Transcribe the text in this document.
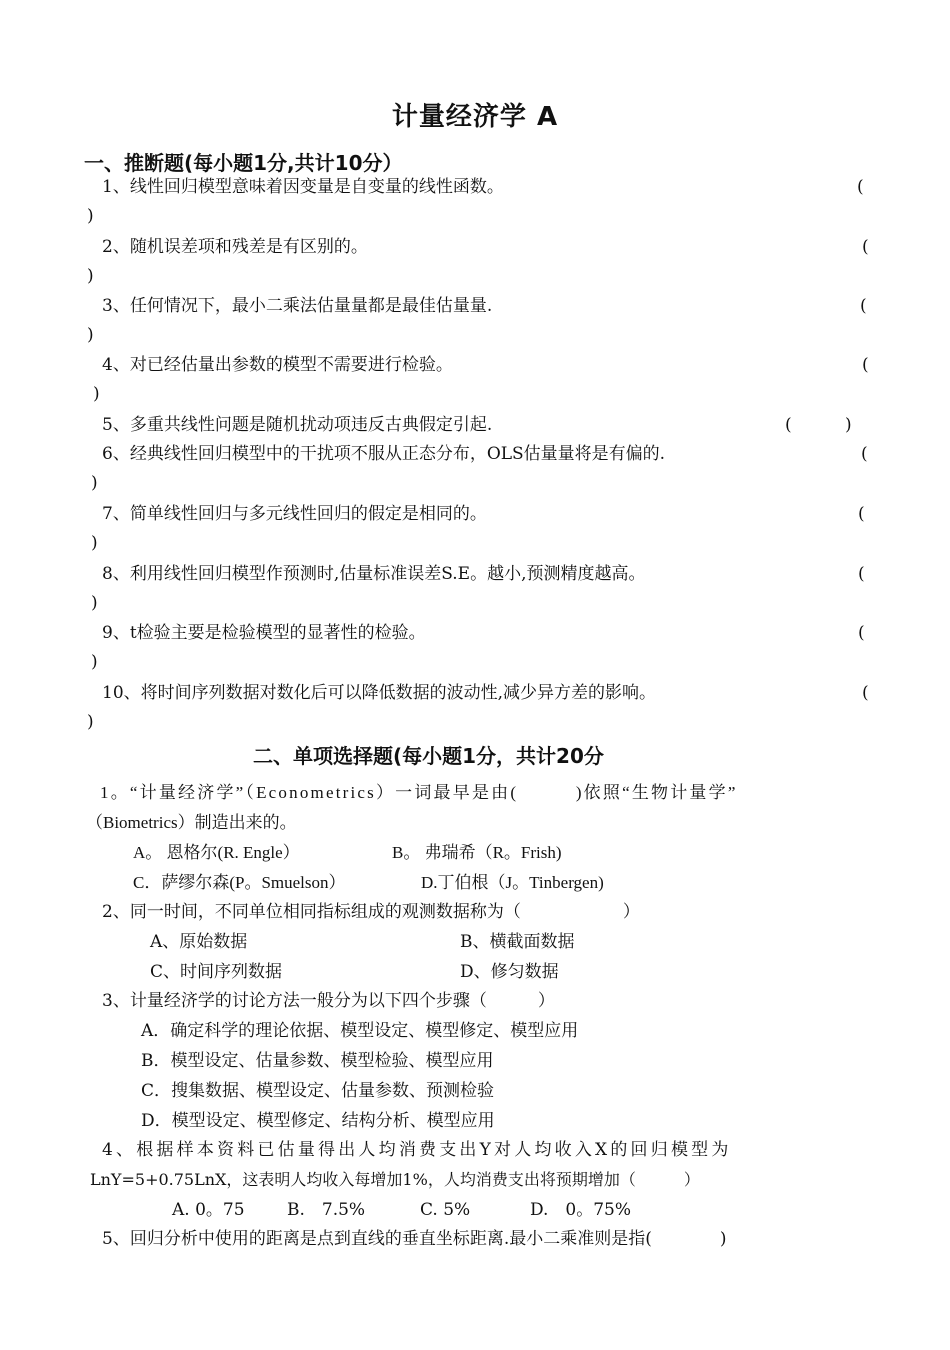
计量经济学 A
一、推断题(每小题1分,共计10分）
1、线性回归模型意味着因变量是自变量的线性函数。	(
)
2、随机误差项和残差是有区别的。	(
)
3、任何情况下，最小二乘法估量量都是最佳估量量.	(
)
4、对已经估量出参数的模型不需要进行检验。	(
)
5、多重共线性问题是随机扰动项违反古典假定引起.	(	)
6、经典线性回归模型中的干扰项不服从正态分布，OLS估量量将是有偏的.	(
)
7、简单线性回归与多元线性回归的假定是相同的。	(
)
8、利用线性回归模型作预测时,估量标准误差S.E。越小,预测精度越高。	(
)
9、t检验主要是检验模型的显著性的检验。	(
)
10、将时间序列数据对数化后可以降低数据的波动性,减少异方差的影响。	(
)
二、单项选择题(每小题1分，共计20分
1。“计量经济学”（Econometrics）一词最早是由(　　　)依照“生物计量学”
（Biometrics）制造出来的。
A。 恩格尔(R. Engle）	B。 弗瑞希（R。Frish)
C．萨缪尔森(P。Smuelson）	D.丁伯根（J。Tinbergen)
2、同一时间，不同单位相同指标组成的观测数据称为（　　　　　　）
A、原始数据	B、横截面数据
C、时间序列数据	D、修匀数据
3、计量经济学的讨论方法一般分为以下四个步骤（　　　）
A．确定科学的理论依据、模型设定、模型修定、模型应用
B．模型设定、估量参数、模型检验、模型应用
C．搜集数据、模型设定、估量参数、预测检验
D．模型设定、模型修定、结构分析、模型应用
4、根据样本资料已估量得出人均消费支出Y对人均收入X的回归模型为
LnY=5+0.75LnX，这表明人均收入每增加1%，人均消费支出将预期增加（　　　）
A. 0。75 B.　7.5%	C. 5%	D.　0。75%
5、回归分析中使用的距离是点到直线的垂直坐标距离.最小二乘准则是指(　　　　)
